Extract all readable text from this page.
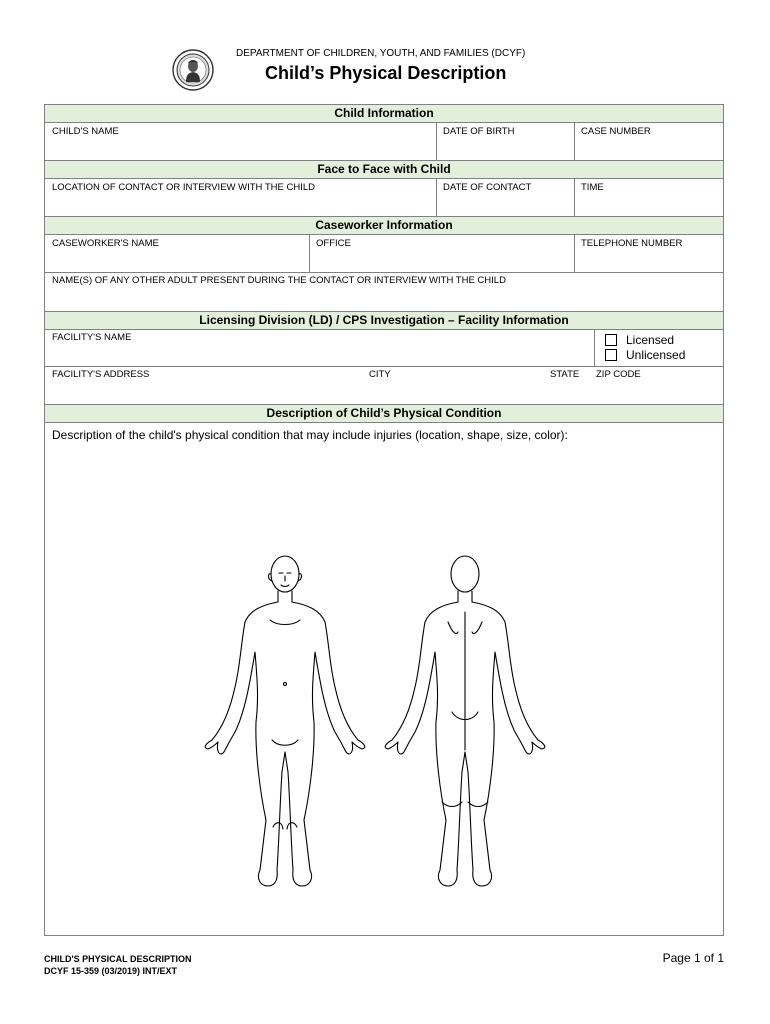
DEPARTMENT OF CHILDREN, YOUTH, AND FAMILIES (DCYF)
Child’s Physical Description
Child Information
CHILD'S NAME	DATE OF BIRTH	CASE NUMBER
Face to Face with Child
LOCATION OF CONTACT OR INTERVIEW WITH THE CHILD	DATE OF CONTACT	TIME
Caseworker Information
CASEWORKER'S NAME	OFFICE	TELEPHONE NUMBER
NAME(S) OF ANY OTHER ADULT PRESENT DURING THE CONTACT OR INTERVIEW WITH THE CHILD
Licensing Division (LD) / CPS Investigation – Facility Information
FACILITY'S NAME	Licensed
Unlicensed
FACILITY'S ADDRESS	CITY	STATE ZIP CODE
Description of Child’s Physical Condition
Description of the child's physical condition that may include injuries (location, shape, size, color):
CHILD'S PHYSICAL DESCRIPTION
DCYF 15-359 (03/2019) INT/EXT
Page 1 of 1
